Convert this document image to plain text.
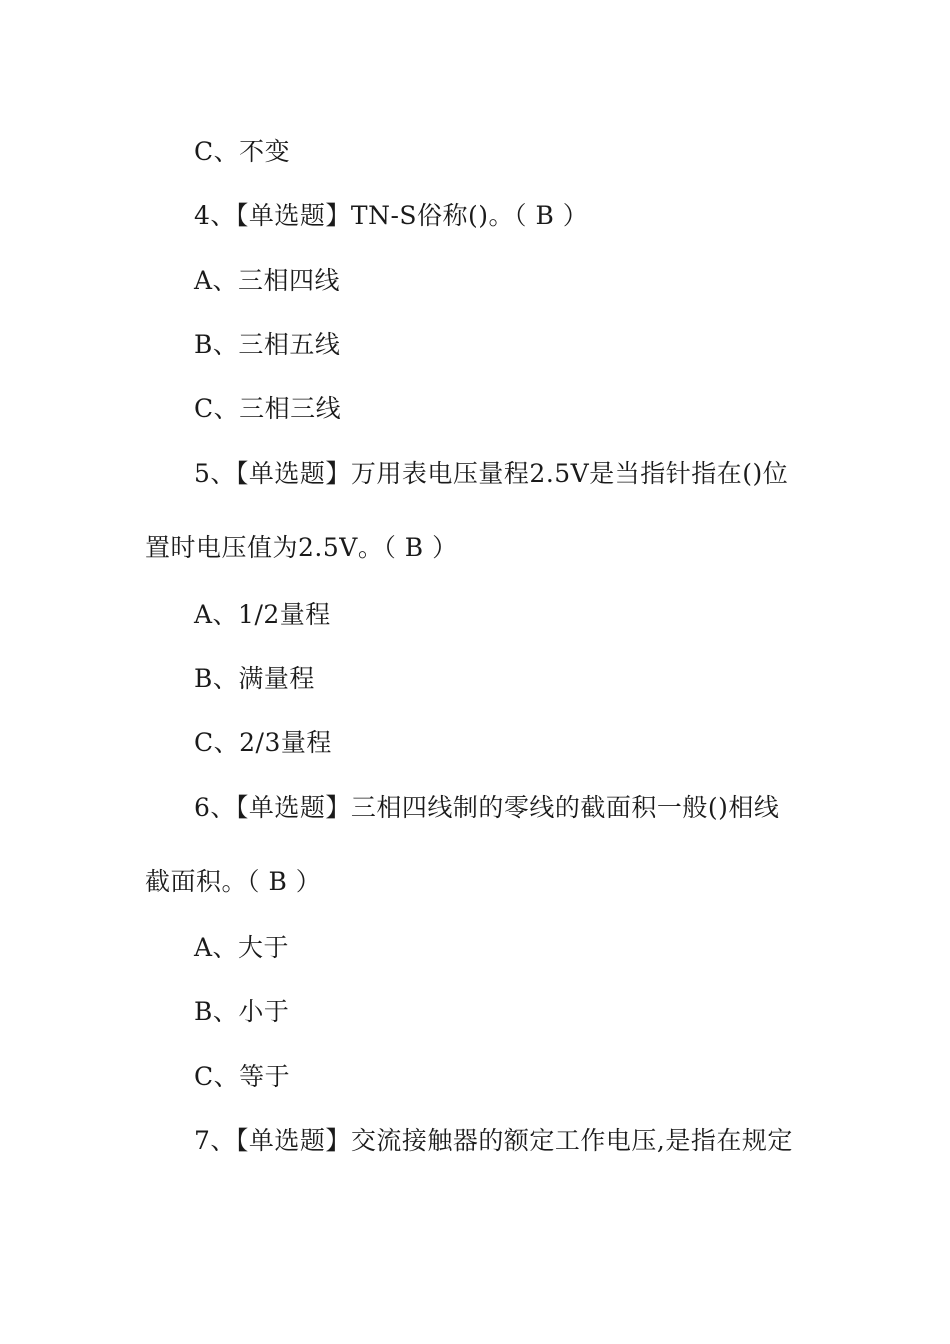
C、不变
4、【单选题】TN-S俗称()。（ B ）
A、三相四线
B、三相五线
C、三相三线
5、【单选题】万用表电压量程2.5V是当指针指在()位
置时电压值为2.5V。（ B ）
A、1/2量程
B、满量程
C、2/3量程
6、【单选题】三相四线制的零线的截面积一般()相线
截面积。（ B ）
A、大于
B、小于
C、等于
7、【单选题】交流接触器的额定工作电压,是指在规定
